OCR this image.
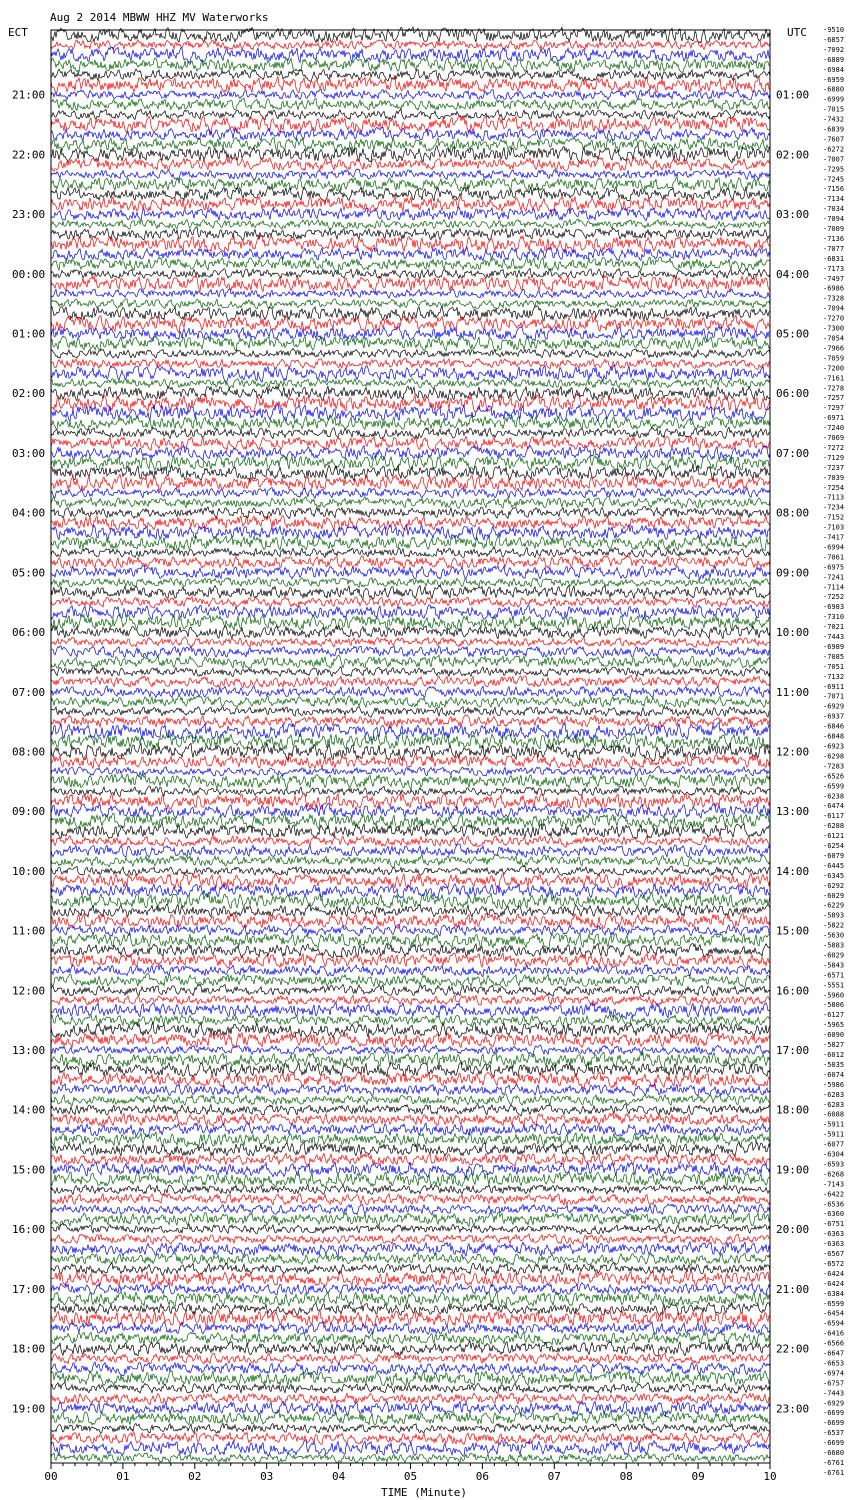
00	01	02	03	04	05	06	07	08	09	10
-9510
-6857
-7092
-6889
-6984
-6959
-6880
-6999
-7015
-7432
-6839
-7607
-6272
-7007
-7295
-7245
-7156
-7134
-7034
-7094
-7009
-7136
-7077
-6831
-7173
-7497
-6986
-7328
-7094
-7270
-7300
-7054
-7966
-7059
-7200
-7161
-7278
-7257
-7297
-6971
-7240
-7069
-7272
-7129
-7237
-7039
-7254
-7113
-7234
-7152
-7103
-7417
-6994
-7061
-6975
-7241
-7114
-7252
-6983
-7310
-7021
-7443
-6989
-7085
-7051
-7132
-6911
-7071
-6929
-6937
-6846
-6848
-6923
-6298
-7283
-6526
-6599
-6238
-6474
-6117
-6288
-6121
-6254
-6079
-6445
-6345
-6292
-6029
-6229
-5893
-5822
-5630
-5883
-6029
-5843
-6571
-5551
-5960
-5806
-6127
-5965
-6090
-5827
-6012
-5035
-6074
-5986
-6283
-6283
-6088
-5911
-5911
-6077
-6304
-6593
-6268
-7143
-6422
-6536
-6360
-6751
-6363
-6363
-6567
-6572
-6424
-6424
-6384
-6599
-6454
-6594
-6416
-6566
-6647
-6653
-6974
-6757
-7443
-6929
-6699
-6699
-6537
-6699
-6680
-6761
-6761
21:00
22:00
23:00
00:00
01:00
02:00
03:00
04:00
05:00
06:00
07:00
08:00
09:00
10:00
11:00
12:00
13:00
14:00
15:00
16:00
17:00
18:00
19:00
01:00
02:00
03:00
04:00
05:00
06:00
07:00
08:00
09:00
10:00
11:00
12:00
13:00
14:00
15:00
16:00
17:00
18:00
19:00
20:00
21:00
22:00
23:00
Aug 2 2014 MBWW HHZ MV Waterworks
ECT	UTC
TIME (Minute)
